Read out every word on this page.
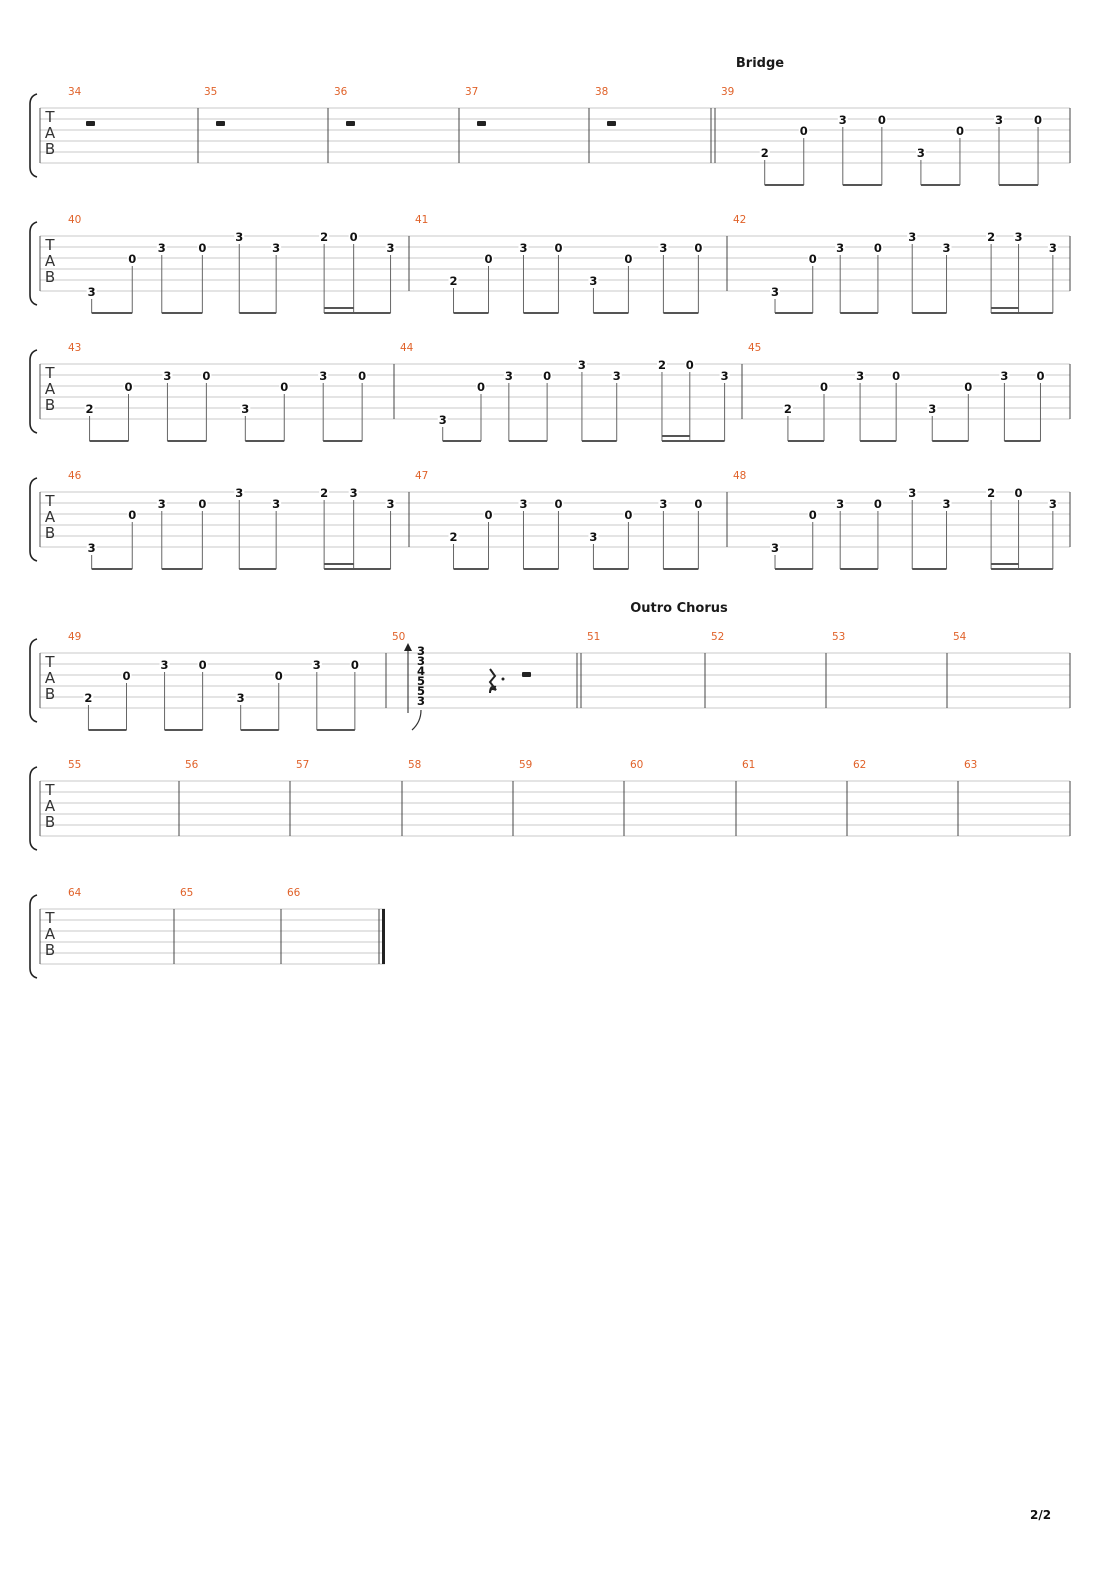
T
A
B
34	35	36	37	38	39
2
0
3	0
3
0
3	0
T
A
B
40
3
0
3	0
3
3
2 0
3
41
2
0
3 0
3
0
3 0
42
3
0
3	0
3
3
2 3
3
T
A
B
43
2
0
3	0
3
0
3	0
44
3
0
3	0
3
3
2 0
3
45
2
0
3 0
3
0
3 0
T
A
B
46
3
0
3	0
3
3
2 3
3
47
2
0
3 0
3
0
3 0
48
3
0
3	0
3
3
2 0
3
T
A
B
49
2
0
3	0
3
0
3	0
50
3
3
4
5
5
3
51	52	53	54
T
A
B
55	56	57	58	59	60	61	62	63
T
A
B
64	65	66
Bridge
Outro Chorus
2/2
